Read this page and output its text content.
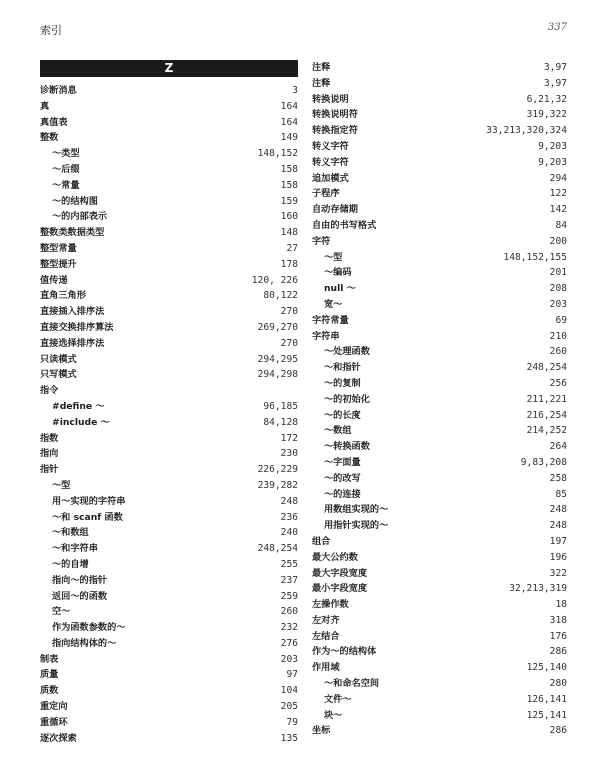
索引	337
Z
诊断消息	3
真	164
真值表	164
整数	149
～类型	148,152
～后缀	158
～常量	158
～的结构图	159
～的内部表示	160
整数类数据类型	148
整型常量	27
整型提升	178
值传递	120, 226
直角三角形	80,122
直接插入排序法	270
直接交换排序算法	269,270
直接选择排序法	270
只读模式	294,295
只写模式	294,298
指令
#define ～	96,185
#include ～	84,128
指数	172
指向	230
指针	226,229
～型	239,282
用～实现的字符串	248
～和 scanf 函数	236
～和数组	240
～和字符串	248,254
～的自增	255
指向～的指针	237
返回～的函数	259
空～	260
作为函数参数的～	232
指向结构体的～	276
制表	203
质量	97
质数	104
重定向	205
重循环	79
逐次探索	135
注释	3,97
注释	3,97
转换说明	6,21,32
转换说明符	319,322
转换指定符	33,213,320,324
转义字符	9,203
转义字符	9,203
追加模式	294
子程序	122
自动存储期	142
自由的书写格式	84
字符	200
～型	148,152,155
～编码	201
null ～	208
宽～	203
字符常量	69
字符串	210
～处理函数	260
～和指针	248,254
～的复制	256
～的初始化	211,221
～的长度	216,254
～数组	214,252
～转换函数	264
～字面量	9,83,208
～的改写	258
～的连接	85
用数组实现的～	248
用指针实现的～	248
组合	197
最大公约数	196
最大字段宽度	322
最小字段宽度	32,213,319
左操作数	18
左对齐	318
左结合	176
作为～的结构体	286
作用域	125,140
～和命名空间	280
文件～	126,141
块～	125,141
坐标	286
